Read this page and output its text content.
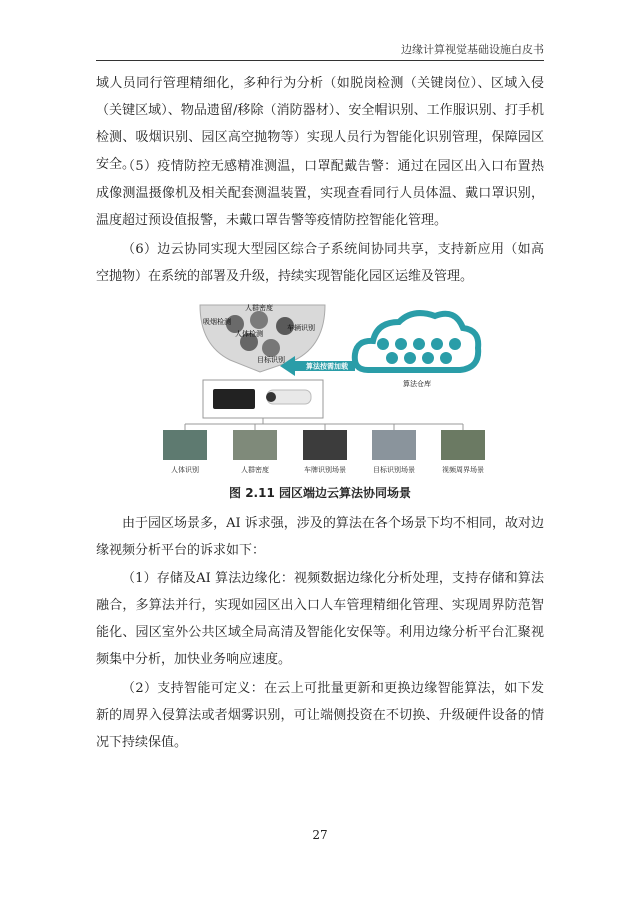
边缘计算视觉基础设施白皮书

域人员同行管理精细化，多种行为分析（如脱岗检测（关键岗位）、区域入侵（关键区域）、物品遗留/移除（消防器材）、安全帽识别、工作服识别、打手机检测、吸烟识别、园区高空抛物等）实现人员行为智能化识别管理，保障园区安全。

（5）疫情防控无感精准测温，口罩配戴告警：通过在园区出入口布置热成像测温摄像机及相关配套测温装置，实现查看同行人员体温、戴口罩识别，温度超过预设值报警，未戴口罩告警等疫情防控智能化管理。

（6）边云协同实现大型园区综合子系统间协同共享，支持新应用（如高空抛物）在系统的部署及升级，持续实现智能化园区运维及管理。

人群密度
吸烟检测
车辆识别
人体检测
目标识别
算法按需加载
算法仓库
人体识别	人群密度	车牌识别场景	目标识别场景	视频周界场景
图 2.11 园区端边云算法协同场景

由于园区场景多，AI 诉求强，涉及的算法在各个场景下均不相同，故对边缘视频分析平台的诉求如下：

（1）存储及AI 算法边缘化：视频数据边缘化分析处理，支持存储和算法融合，多算法并行，实现如园区出入口人车管理精细化管理、实现周界防范智能化、园区室外公共区域全局高清及智能化安保等。利用边缘分析平台汇聚视频集中分析，加快业务响应速度。

（2）支持智能可定义：在云上可批量更新和更换边缘智能算法，如下发新的周界入侵算法或者烟雾识别，可让端侧投资在不切换、升级硬件设备的情况下持续保值。

27
